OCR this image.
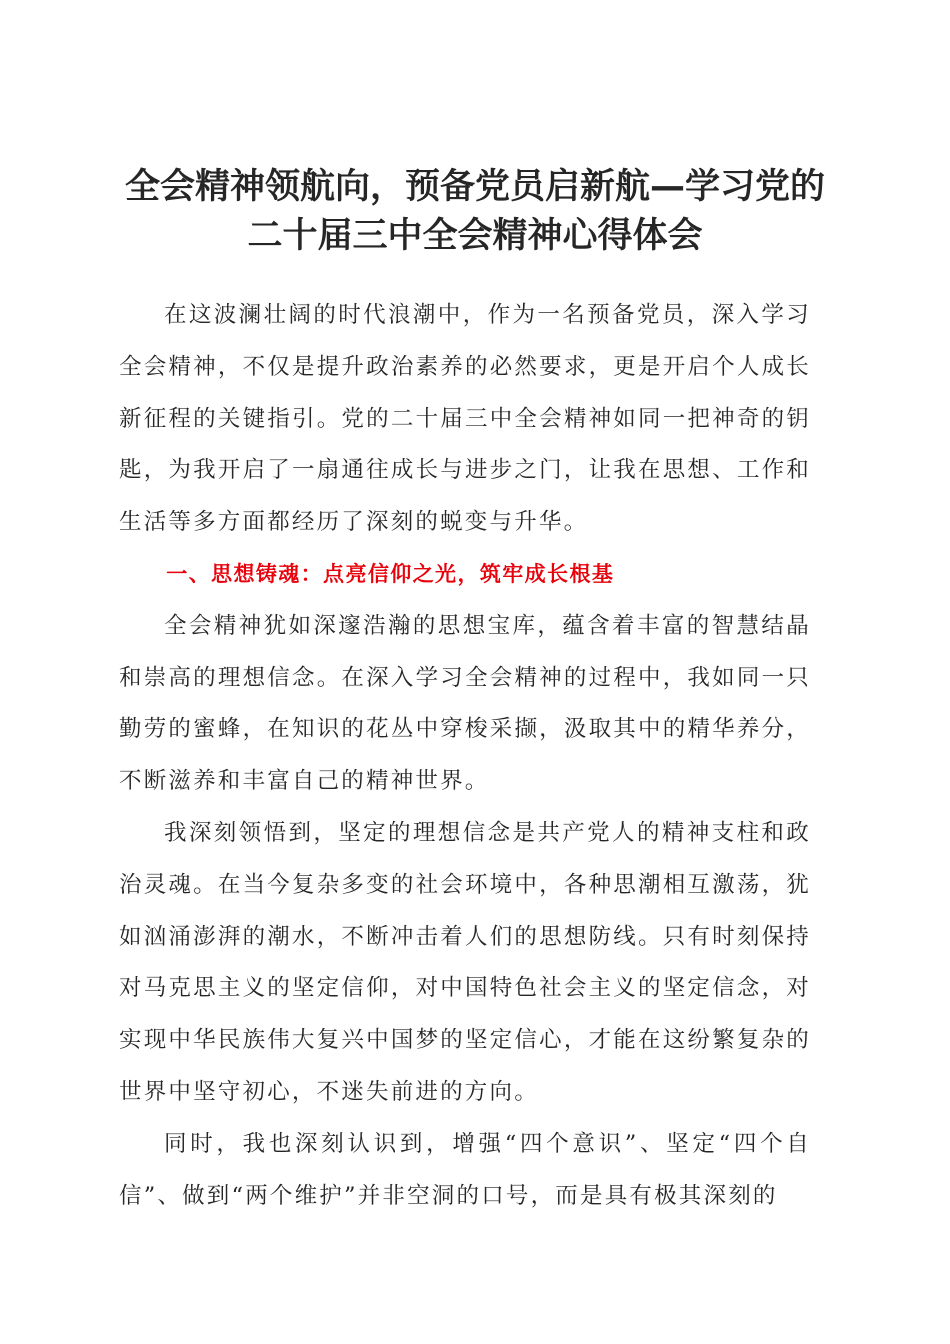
全会精神领航向，预备党员启新航—学习党的
二十届三中全会精神心得体会

在这波澜壮阔的时代浪潮中，作为一名预备党员，深入学习全会精神，不仅是提升政治素养的必然要求，更是开启个人成长新征程的关键指引。党的二十届三中全会精神如同一把神奇的钥匙，为我开启了一扇通往成长与进步之门，让我在思想、工作和生活等多方面都经历了深刻的蜕变与升华。

一、思想铸魂：点亮信仰之光，筑牢成长根基

全会精神犹如深邃浩瀚的思想宝库，蕴含着丰富的智慧结晶和崇高的理想信念。在深入学习全会精神的过程中，我如同一只勤劳的蜜蜂，在知识的花丛中穿梭采撷，汲取其中的精华养分，不断滋养和丰富自己的精神世界。

我深刻领悟到，坚定的理想信念是共产党人的精神支柱和政治灵魂。在当今复杂多变的社会环境中，各种思潮相互激荡，犹如汹涌澎湃的潮水，不断冲击着人们的思想防线。只有时刻保持对马克思主义的坚定信仰，对中国特色社会主义的坚定信念，对实现中华民族伟大复兴中国梦的坚定信心，才能在这纷繁复杂的世界中坚守初心，不迷失前进的方向。

同时，我也深刻认识到，增强“四个意识”、坚定“四个自信”、做到“两个维护”并非空洞的口号，而是具有极其深刻的
